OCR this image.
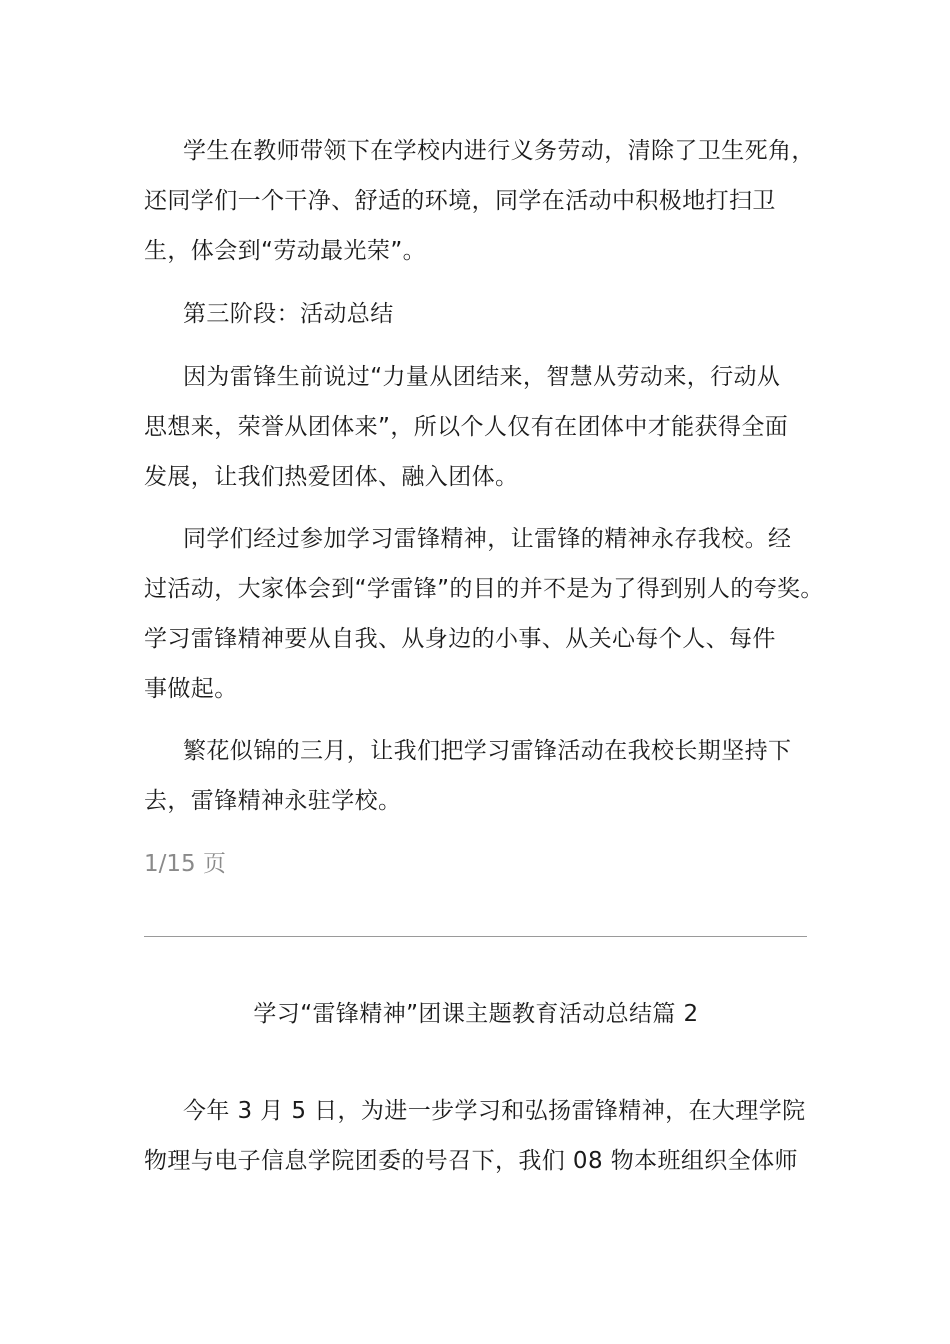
学生在教师带领下在学校内进行义务劳动，清除了卫生死角，
还同学们一个干净、舒适的环境，同学在活动中积极地打扫卫
生，体会到“劳动最光荣”。

第三阶段：活动总结

因为雷锋生前说过“力量从团结来，智慧从劳动来，行动从
思想来，荣誉从团体来”，所以个人仅有在团体中才能获得全面
发展，让我们热爱团体、融入团体。

同学们经过参加学习雷锋精神，让雷锋的精神永存我校。经
过活动，大家体会到“学雷锋”的目的并不是为了得到别人的夸奖。
学习雷锋精神要从自我、从身边的小事、从关心每个人、每件
事做起。

繁花似锦的三月，让我们把学习雷锋活动在我校长期坚持下
去，雷锋精神永驻学校。

1/15 页

学习“雷锋精神”团课主题教育活动总结篇 2

今年 3 月 5 日，为进一步学习和弘扬雷锋精神，在大理学院
物理与电子信息学院团委的号召下，我们 08 物本班组织全体师
